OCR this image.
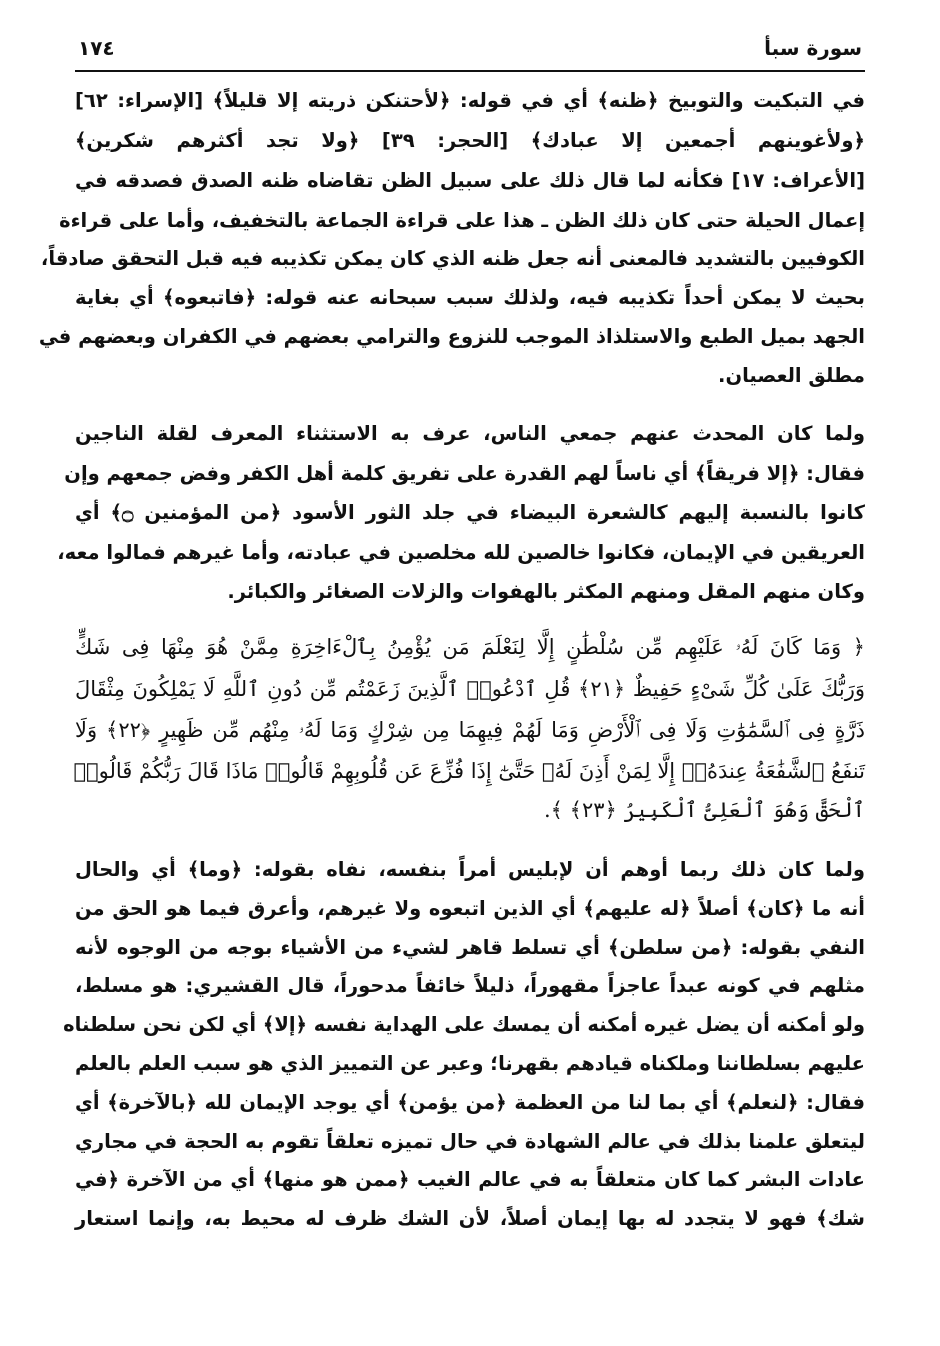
١٧٤	سورة سبأ
في التبكيت والتوبيخ ﴿ظنه﴾ أي في قوله: ﴿لأحتنكن ذريته إلا قليلاً﴾ [الإسراء: ٦٢]
﴿ولأغوينهم أجمعين إلا عبادك﴾ [الحجر: ٣٩] ﴿ولا تجد أكثرهم شكرين﴾
[الأعراف: ١٧] فكأنه لما قال ذلك على سبيل الظن تقاضاه ظنه الصدق فصدقه في
إعمال الحيلة حتى كان ذلك الظن ـ هذا على قراءة الجماعة بالتخفيف، وأما على قراءة
الكوفيين بالتشديد فالمعنى أنه جعل ظنه الذي كان يمكن تكذيبه فيه قبل التحقق صادقاً،
بحيث لا يمكن أحداً تكذيبه فيه، ولذلك سبب سبحانه عنه قوله: ﴿فاتبعوه﴾ أي بغاية
الجهد بميل الطبع والاستلذاذ الموجب للنزوع والترامي بعضهم في الكفران وبعضهم في
مطلق العصيان.
ولما كان المحدث عنهم جمعي الناس، عرف به الاستثناء المعرف لقلة الناجين
فقال: ﴿إلا فريقاً﴾ أي ناساً لهم القدرة على تفريق كلمة أهل الكفر وفض جمعهم وإن
كانوا بالنسبة إليهم كالشعرة البيضاء في جلد الثور الأسود ﴿من المؤمنين ۝﴾ أي
العريقين في الإيمان، فكانوا خالصين لله مخلصين في عبادته، وأما غيرهم فمالوا معه،
وكان منهم المقل ومنهم المكثر بالهفوات والزلات الصغائر والكبائر.
﴿ وَمَا كَانَ لَهُۥ عَلَيْهِم مِّن سُلْطَٰنٍ إِلَّا لِنَعْلَمَ مَن يُؤْمِنُ بِٱلْءَاخِرَةِ مِمَّنْ هُوَ مِنْهَا فِى شَكٍّ
وَرَبُّكَ عَلَىٰ كُلِّ شَىْءٍ حَفِيظٌ ﴿٢١﴾ قُلِ ٱدْعُوا۟ ٱلَّذِينَ زَعَمْتُم مِّن دُونِ ٱللَّهِ لَا يَمْلِكُونَ مِثْقَالَ
ذَرَّةٍ فِى ٱلسَّمَٰوَٰتِ وَلَا فِى ٱلْأَرْضِ وَمَا لَهُمْ فِيهِمَا مِن شِرْكٍ وَمَا لَهُۥ مِنْهُم مِّن ظَهِيرٍ ﴿٢٢﴾ وَلَا
تَنفَعُ ٱلشَّفَٰعَةُ عِندَهُۥٓ إِلَّا لِمَنْ أَذِنَ لَهُۥ حَتَّىٰٓ إِذَا فُزِّعَ عَن قُلُوبِهِمْ قَالُوا۟ مَاذَا قَالَ رَبُّكُمْ قَالُوا۟
ٱلْحَقَّ وَهُوَ ٱلْعَلِىُّ ٱلْكَبِيرُ ﴿٢٣﴾ ﴾.
ولما كان ذلك ربما أوهم أن لإبليس أمراً بنفسه، نفاه بقوله: ﴿وما﴾ أي والحال
أنه ما ﴿كان﴾ أصلاً ﴿له عليهم﴾ أي الذين اتبعوه ولا غيرهم، وأعرق فيما هو الحق من
النفي بقوله: ﴿من سلطن﴾ أي تسلط قاهر لشيء من الأشياء بوجه من الوجوه لأنه
مثلهم في كونه عبداً عاجزاً مقهوراً، ذليلاً خائفاً مدحوراً، قال القشيري: هو مسلط،
ولو أمكنه أن يضل غيره أمكنه أن يمسك على الهداية نفسه ﴿إلا﴾ أي لكن نحن سلطناه
عليهم بسلطاننا وملكناه قيادهم بقهرنا؛ وعبر عن التمييز الذي هو سبب العلم بالعلم
فقال: ﴿لنعلم﴾ أي بما لنا من العظمة ﴿من يؤمن﴾ أي يوجد الإيمان لله ﴿بالآخرة﴾ أي
ليتعلق علمنا بذلك في عالم الشهادة في حال تميزه تعلقاً تقوم به الحجة في مجاري
عادات البشر كما كان متعلقاً به في عالم الغيب ﴿ممن هو منها﴾ أي من الآخرة ﴿في
شك﴾ فهو لا يتجدد له بها إيمان أصلاً، لأن الشك ظرف له محيط به، وإنما استعار
